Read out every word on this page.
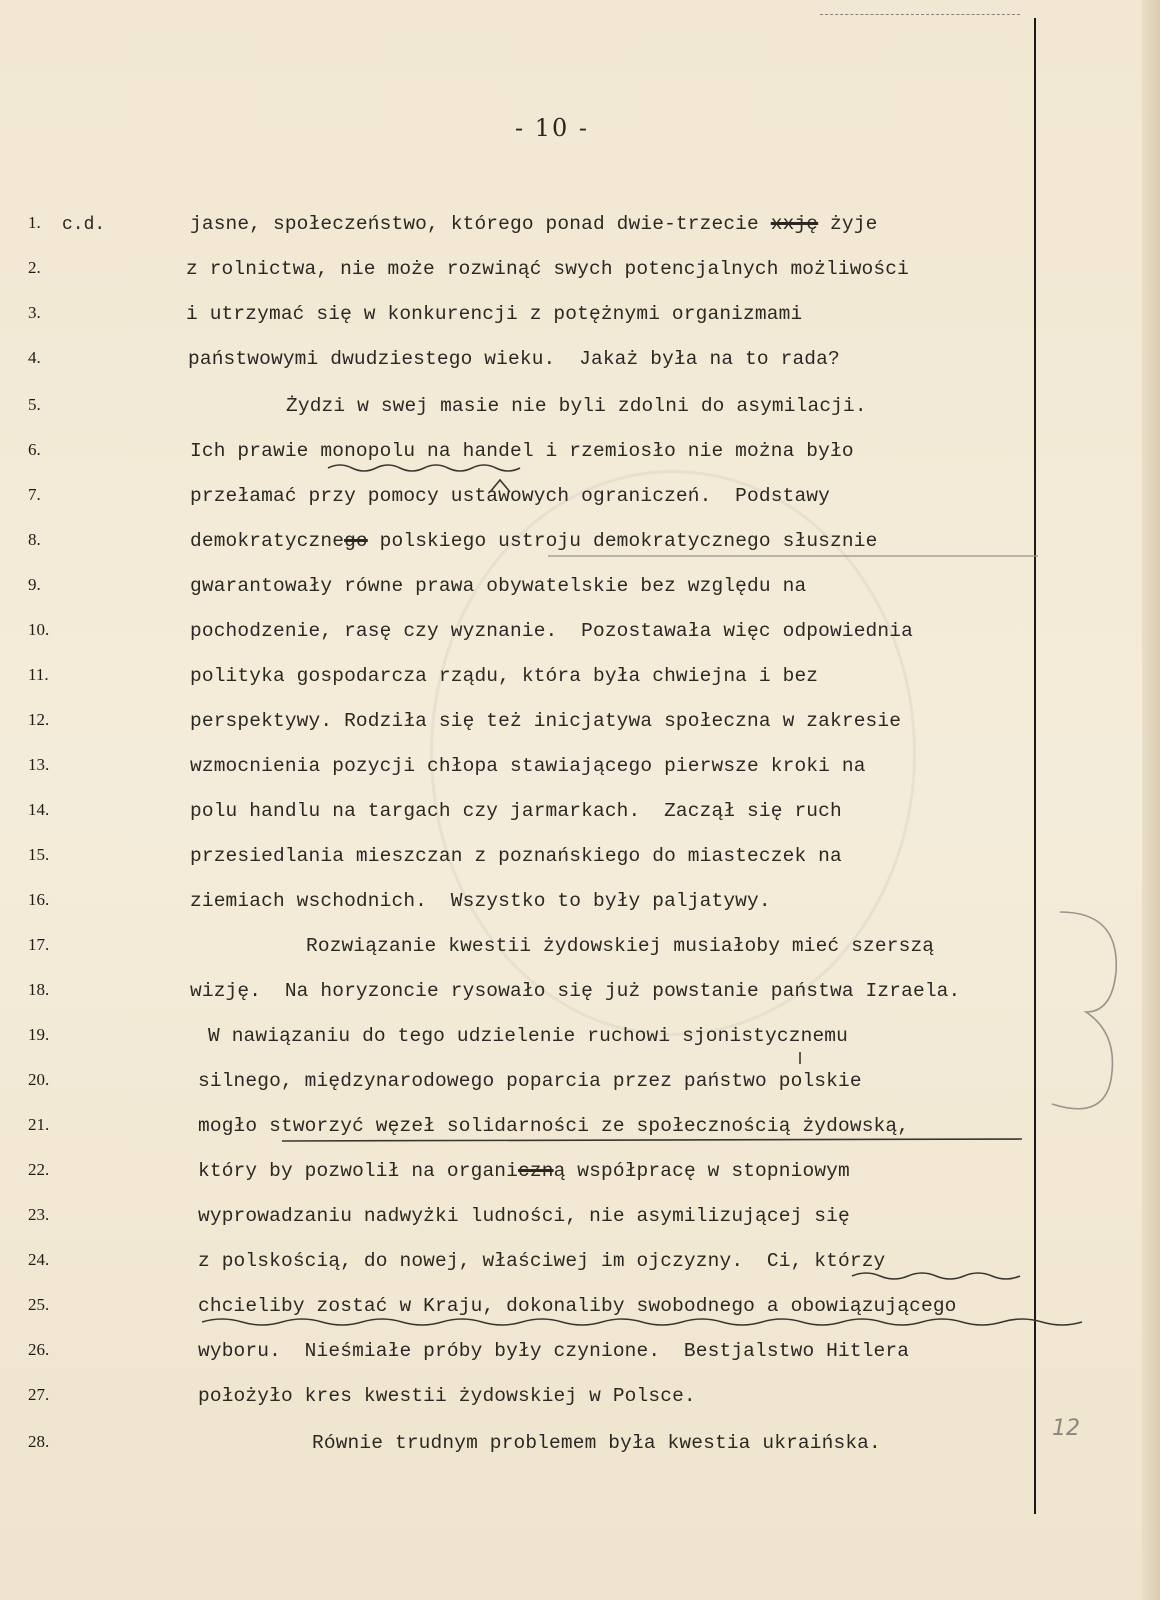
- 10 -
1. c.d.	jasne, społeczeństwo, którego ponad dwie-trzecie xxję żyje
2.	z rolnictwa, nie może rozwinąć swych potencjalnych możliwości
3.	i utrzymać się w konkurencji z potężnymi organizmami
4.	państwowymi dwudziestego wieku.  Jakaż była na to rada?
5.	Żydzi w swej masie nie byli zdolni do asymilacji.
6.	Ich prawie monopolu na handel i rzemiosło nie można było
7.	przełamać przy pomocy ustawowych ograniczeń.  Podstawy
8.	demokratycznego polskiego ustroju demokratycznego słusznie
9.	gwarantowały równe prawa obywatelskie bez względu na
10.	pochodzenie, rasę czy wyznanie.  Pozostawała więc odpowiednia
11.	polityka gospodarcza rządu, która była chwiejna i bez
12.	perspektywy. Rodziła się też inicjatywa społeczna w zakresie
13.	wzmocnienia pozycji chłopa stawiającego pierwsze kroki na
14.	polu handlu na targach czy jarmarkach.  Zaczął się ruch
15.	przesiedlania mieszczan z poznańskiego do miasteczek na
16.	ziemiach wschodnich.  Wszystko to były paljatywy.
17.	Rozwiązanie kwestii żydowskiej musiałoby mieć szerszą
18.	wizję.  Na horyzoncie rysowało się już powstanie państwa Izraela.
19.	W nawiązaniu do tego udzielenie ruchowi sjonistycznemu
20.	silnego, międzynarodowego poparcia przez państwo polskie
21.	mogło stworzyć węzeł solidarności ze społecznością żydowską,
22.	który by pozwolił na organiczną współpracę w stopniowym
23.	wyprowadzaniu nadwyżki ludności, nie asymilizującej się
24.	z polskością, do nowej, właściwej im ojczyzny.  Ci, którzy
25.	chcieliby zostać w Kraju, dokonaliby swobodnego a obowiązującego
26.	wyboru.  Nieśmiałe próby były czynione.  Bestjalstwo Hitlera
27.	położyło kres kwestii żydowskiej w Polsce.
28.	Równie trudnym problemem była kwestia ukraińska.
12
